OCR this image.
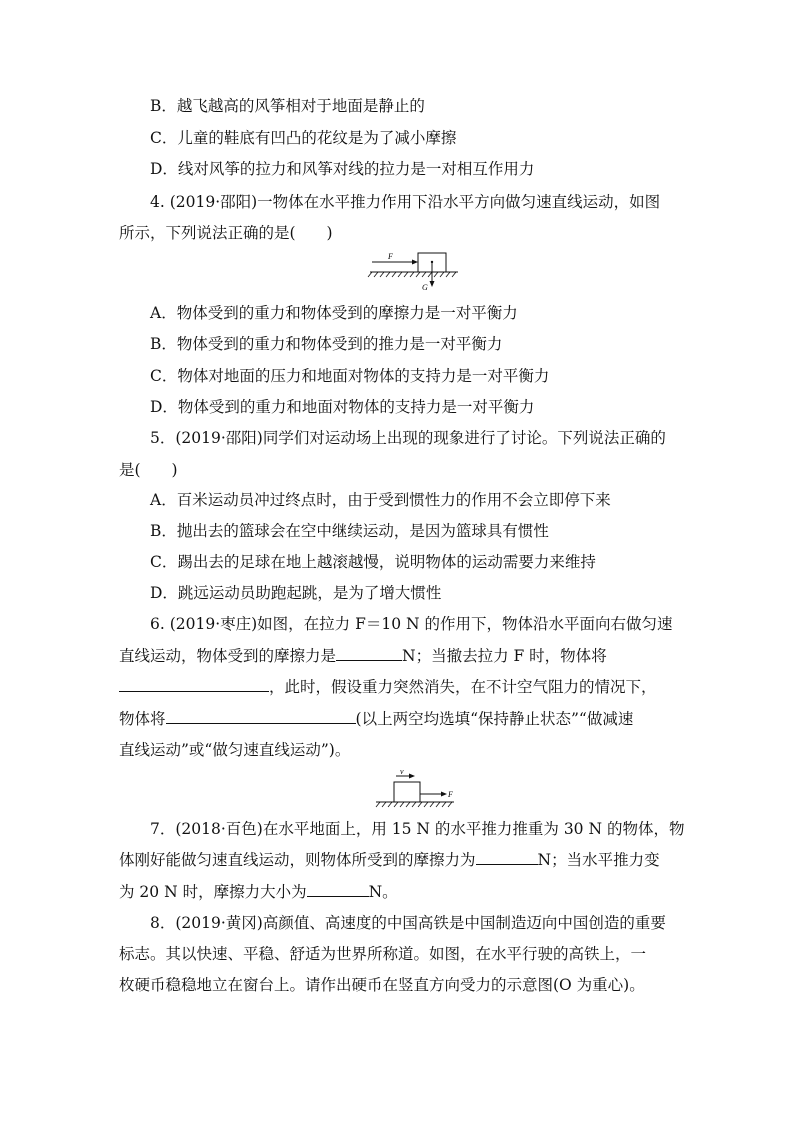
B．越飞越高的风筝相对于地面是静止的
C．儿童的鞋底有凹凸的花纹是为了减小摩擦
D．线对风筝的拉力和风筝对线的拉力是一对相互作用力
4. (2019·邵阳)一物体在水平推力作用下沿水平方向做匀速直线运动，如图
所示，下列说法正确的是(　　)
F
G
A．物体受到的重力和物体受到的摩擦力是一对平衡力
B．物体受到的重力和物体受到的推力是一对平衡力
C．物体对地面的压力和地面对物体的支持力是一对平衡力
D．物体受到的重力和地面对物体的支持力是一对平衡力
5．(2019·邵阳)同学们对运动场上出现的现象进行了讨论。下列说法正确的
是(　　)
A．百米运动员冲过终点时，由于受到惯性力的作用不会立即停下来
B．抛出去的篮球会在空中继续运动，是因为篮球具有惯性
C．踢出去的足球在地上越滚越慢，说明物体的运动需要力来维持
D．跳远运动员助跑起跳，是为了增大惯性
6. (2019·枣庄)如图，在拉力 F＝10 N 的作用下，物体沿水平面向右做匀速
直线运动，物体受到的摩擦力是	N；当撤去拉力 F 时，物体将
，此时，假设重力突然消失，在不计空气阻力的情况下，
物体将	(以上两空均选填“保持静止状态”“做减速
直线运动”或“做匀速直线运动”)。
v
F
7．(2018·百色)在水平地面上，用 15 N 的水平推力推重为 30 N 的物体，物
体刚好能做匀速直线运动，则物体所受到的摩擦力为	N；当水平推力变
为 20 N 时，摩擦力大小为	N。
8．(2019·黄冈)高颜值、高速度的中国高铁是中国制造迈向中国创造的重要
标志。其以快速、平稳、舒适为世界所称道。如图，在水平行驶的高铁上，一
枚硬币稳稳地立在窗台上。请作出硬币在竖直方向受力的示意图(O 为重心)。
